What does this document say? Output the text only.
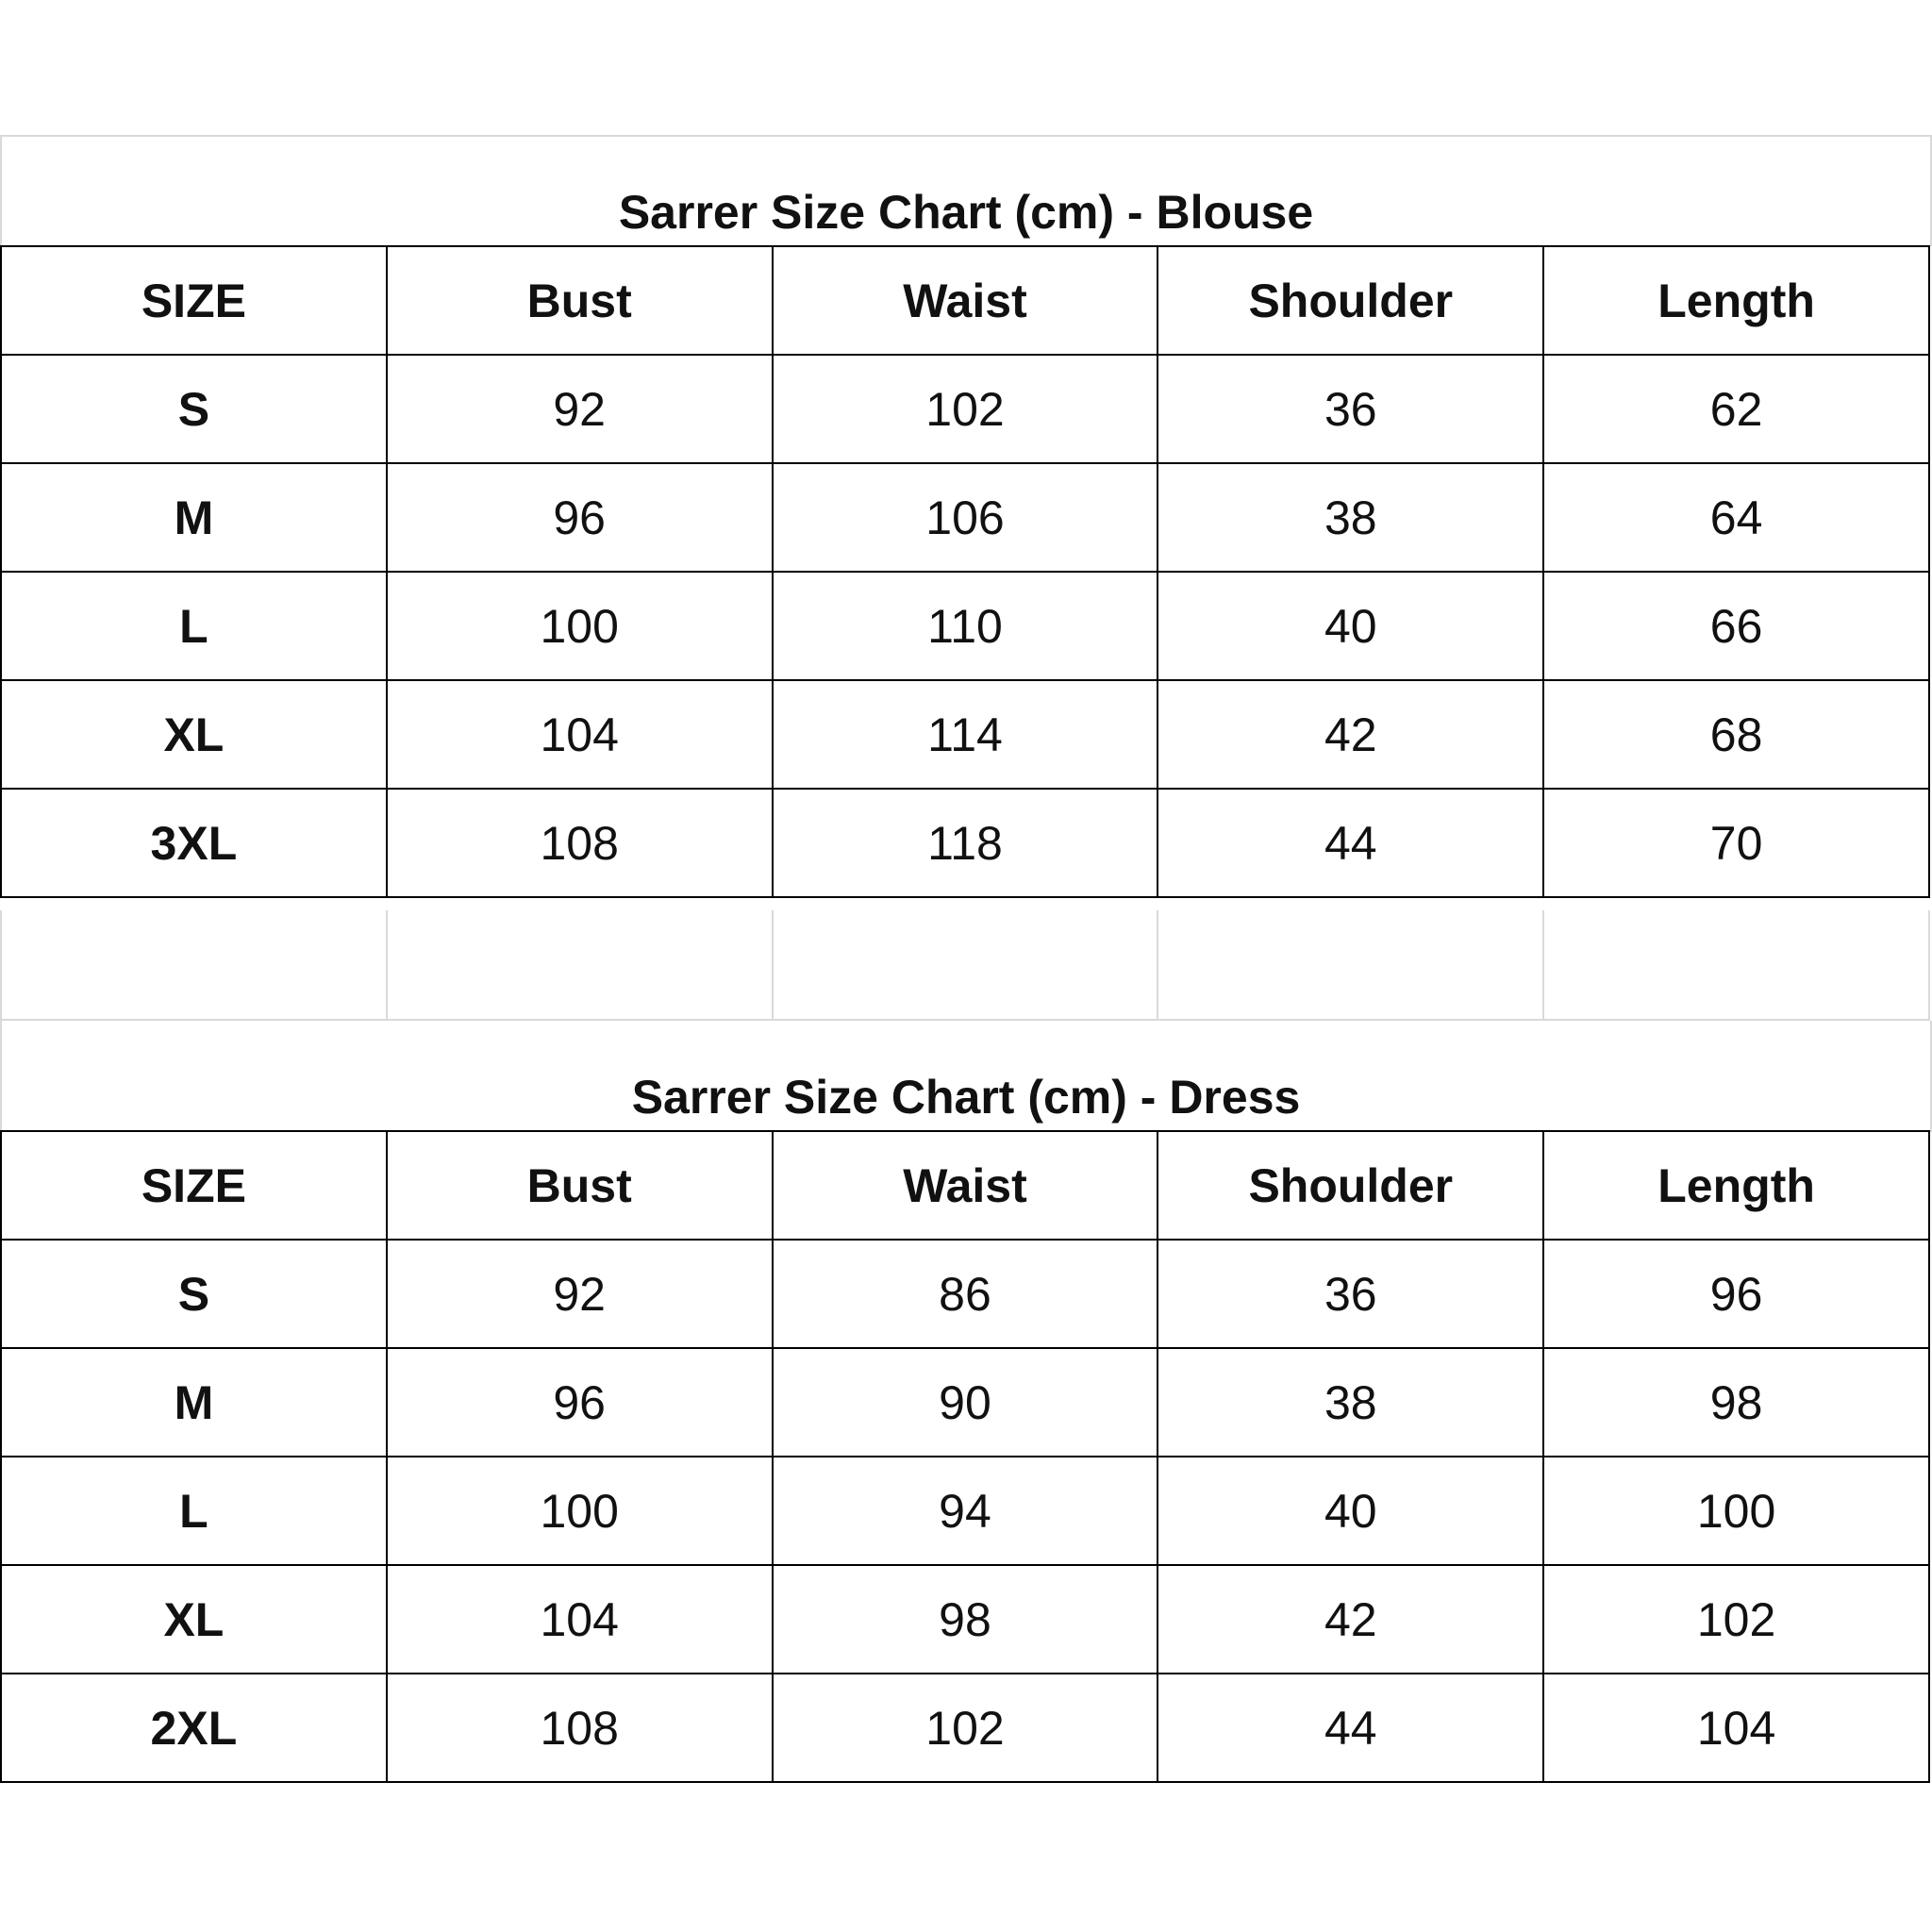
Sarrer Size Chart (cm) - Blouse
SIZE	Bust	Waist	Shoulder	Length
S	92	102	36	62
M	96	106	38	64
L	100	110	40	66
XL	104	114	42	68
3XL	108	118	44	70

Sarrer Size Chart (cm) - Dress
SIZE	Bust	Waist	Shoulder	Length
S	92	86	36	96
M	96	90	38	98
L	100	94	40	100
XL	104	98	42	102
2XL	108	102	44	104
